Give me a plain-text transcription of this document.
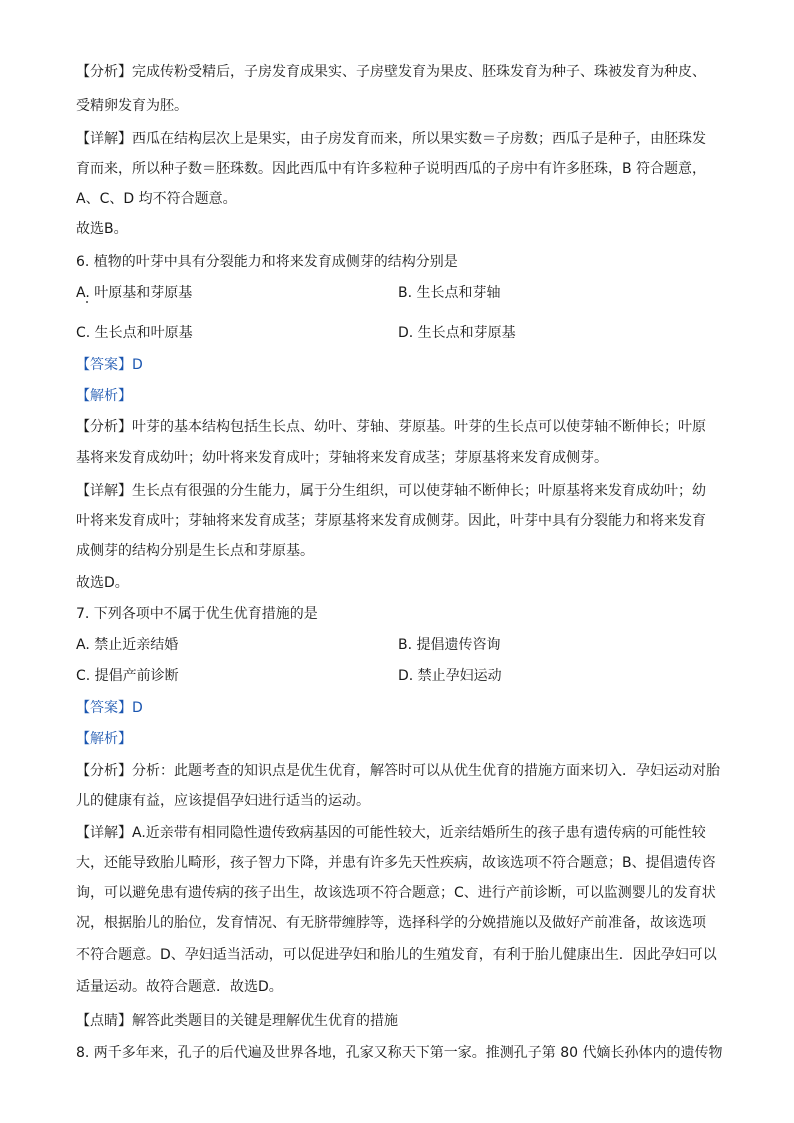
【分析】完成传粉受精后，子房发育成果实、子房壁发育为果皮、胚珠发育为种子、珠被发育为种皮、
受精卵发育为胚。
【详解】西瓜在结构层次上是果实，由子房发育而来，所以果实数＝子房数；西瓜子是种子，由胚珠发
育而来，所以种子数＝胚珠数。因此西瓜中有许多粒种子说明西瓜的子房中有许多胚珠，B 符合题意，
A、C、D 均不符合题意。
故选B。
6. 植物的叶芽中具有分裂能力和将来发育成侧芽的结构分别是
A. 叶原基和芽原基	B. 生长点和芽轴
C. 生长点和叶原基	D. 生长点和芽原基
【答案】D
【解析】
【分析】叶芽的基本结构包括生长点、幼叶、芽轴、芽原基。叶芽的生长点可以使芽轴不断伸长；叶原
基将来发育成幼叶；幼叶将来发育成叶；芽轴将来发育成茎；芽原基将来发育成侧芽。
【详解】生长点有很强的分生能力，属于分生组织，可以使芽轴不断伸长；叶原基将来发育成幼叶；幼
叶将来发育成叶；芽轴将来发育成茎；芽原基将来发育成侧芽。因此，叶芽中具有分裂能力和将来发育
成侧芽的结构分别是生长点和芽原基。
故选D。
7. 下列各项中不属于优生优育措施的是
A. 禁止近亲结婚	B. 提倡遗传咨询
C. 提倡产前诊断	D. 禁止孕妇运动
【答案】D
【解析】
【分析】分析：此题考查的知识点是优生优育，解答时可以从优生优育的措施方面来切入．孕妇运动对胎
儿的健康有益，应该提倡孕妇进行适当的运动。
【详解】A.近亲带有相同隐性遗传致病基因的可能性较大，近亲结婚所生的孩子患有遗传病的可能性较
大，还能导致胎儿畸形，孩子智力下降，并患有许多先天性疾病，故该选项不符合题意；B、提倡遗传咨
询，可以避免患有遗传病的孩子出生，故该选项不符合题意；C、进行产前诊断，可以监测婴儿的发育状
况，根据胎儿的胎位，发育情况、有无脐带缠脖等，选择科学的分娩措施以及做好产前准备，故该选项
不符合题意。D、孕妇适当活动，可以促进孕妇和胎儿的生殖发育，有利于胎儿健康出生．因此孕妇可以
适量运动。故符合题意．故选D。
【点睛】解答此类题目的关键是理解优生优育的措施
8. 两千多年来，孔子的后代遍及世界各地，孔家又称天下第一家。推测孔子第 80 代嫡长孙体内的遗传物
